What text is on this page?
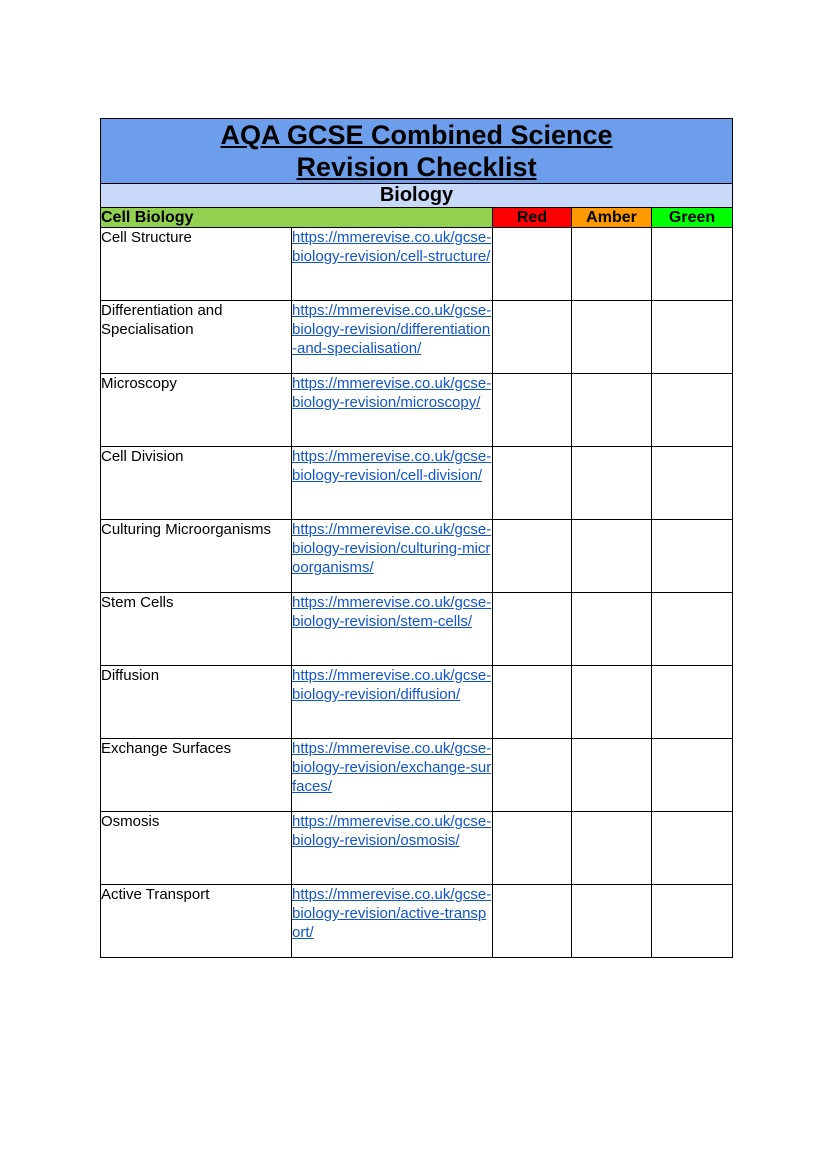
AQA GCSE Combined Science
Revision Checklist				

Biology				
Cell Biology		Red	Amber	Green
Cell Structure	https://mmerevise.co.uk/gcse-biology-revision/cell-structure/			
Differentiation and Specialisation	https://mmerevise.co.uk/gcse-biology-revision/differentiation-and-specialisation/			
Microscopy	https://mmerevise.co.uk/gcse-biology-revision/microscopy/			
Cell Division	https://mmerevise.co.uk/gcse-biology-revision/cell-division/			
Culturing Microorganisms	https://mmerevise.co.uk/gcse-biology-revision/culturing-microorganisms/			
Stem Cells	https://mmerevise.co.uk/gcse-biology-revision/stem-cells/			
Diffusion	https://mmerevise.co.uk/gcse-biology-revision/diffusion/			
Exchange Surfaces	https://mmerevise.co.uk/gcse-biology-revision/exchange-surfaces/			
Osmosis	https://mmerevise.co.uk/gcse-biology-revision/osmosis/			
Active Transport	https://mmerevise.co.uk/gcse-biology-revision/active-transport/			
